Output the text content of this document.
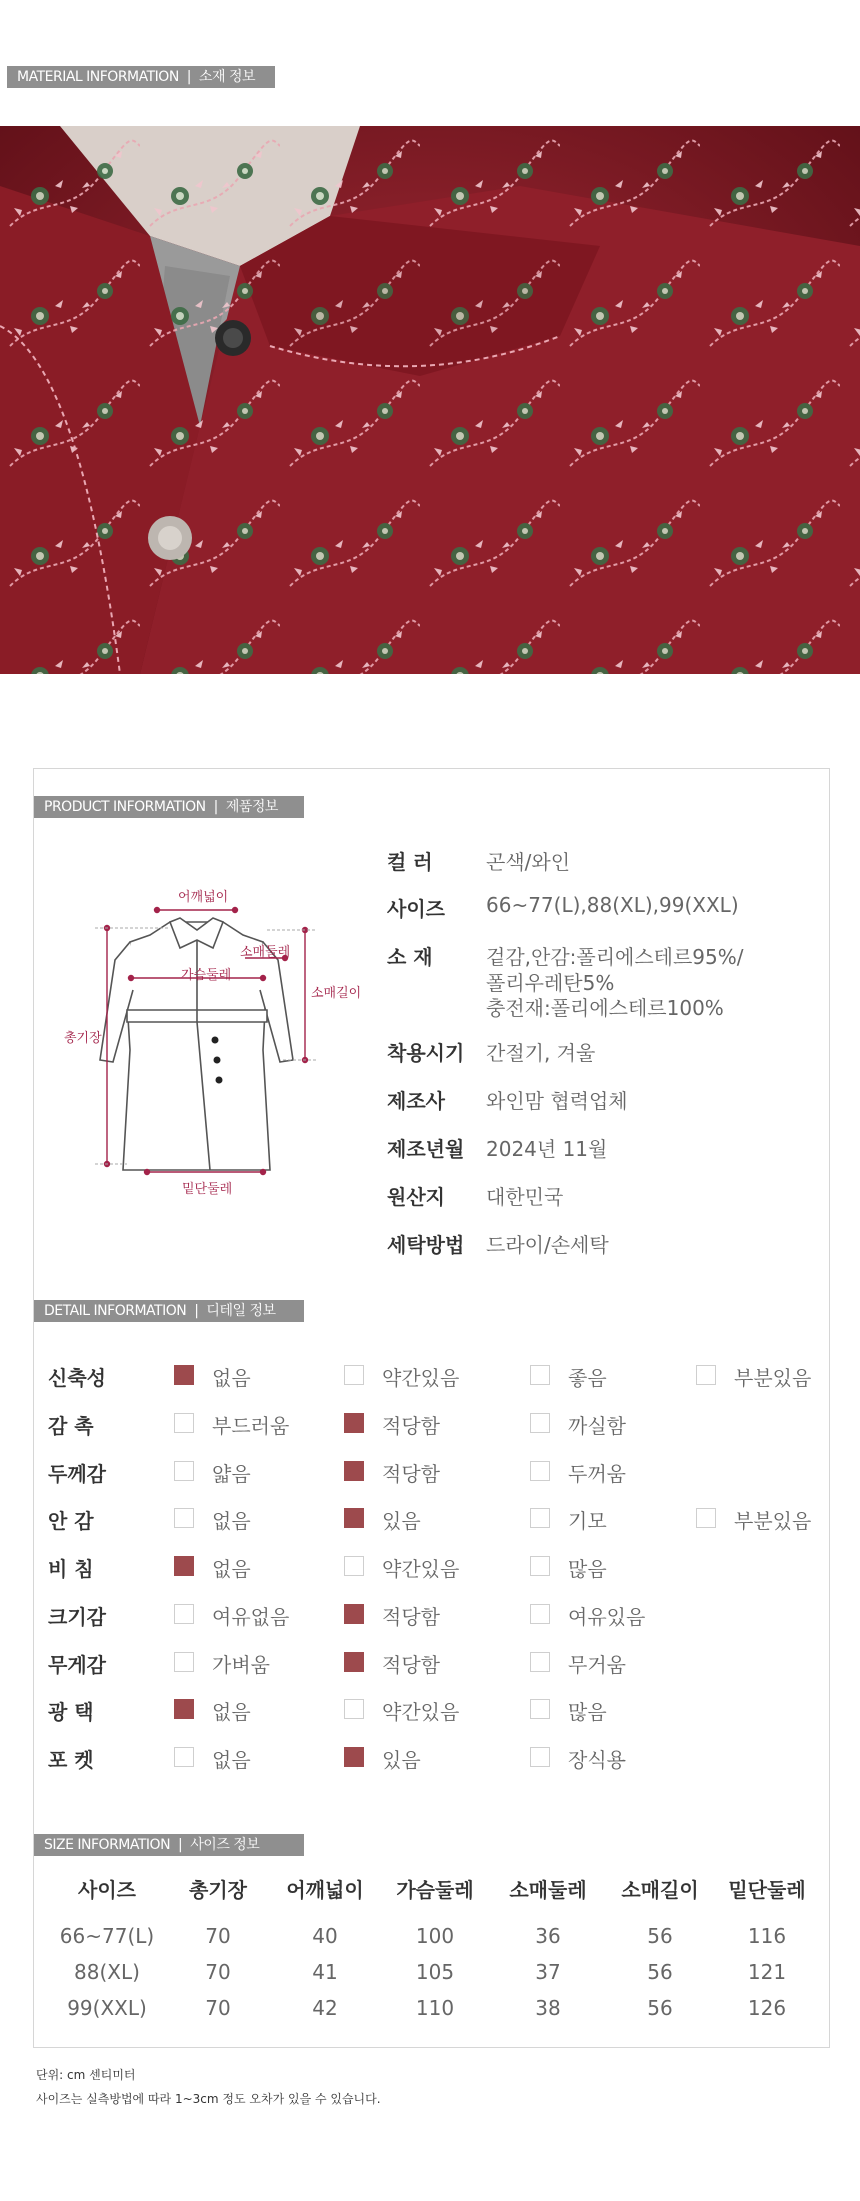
MATERIAL INFORMATION | 소재 정보
PRODUCT INFORMATION | 제품정보
어깨넓이
소매둘레
가슴둘레
소매길이
총기장
밑단둘레
컬 러	곤색/와인
사이즈	66~77(L),88(XL),99(XXL)
소 재	겉감,안감:폴리에스테르95%/
폴리우레탄5%
충전재:폴리에스테르100%
착용시기	간절기, 겨울
제조사	와인맘 협력업체
제조년월	2024년 11월
원산지	대한민국
세탁방법	드라이/손세탁
DETAIL INFORMATION | 디테일 정보
신축성	없음	약간있음	좋음	부분있음
감 촉	부드러움	적당함	까실함
두께감	얇음	적당함	두꺼움
안 감	없음	있음	기모	부분있음
비 침	없음	약간있음	많음
크기감	여유없음	적당함	여유있음
무게감	가벼움	적당함	무거움
광 택	없음	약간있음	많음
포 켓	없음	있음	장식용
SIZE INFORMATION | 사이즈 정보
사이즈	총기장	어깨넓이	가슴둘레	소매둘레	소매길이	밑단둘레
66~77(L)	70	40	100	36	56	116
88(XL)	70	41	105	37	56	121
99(XXL)	70	42	110	38	56	126
단위: cm 센티미터
사이즈는 실측방법에 따라 1~3cm 정도 오차가 있을 수 있습니다.
